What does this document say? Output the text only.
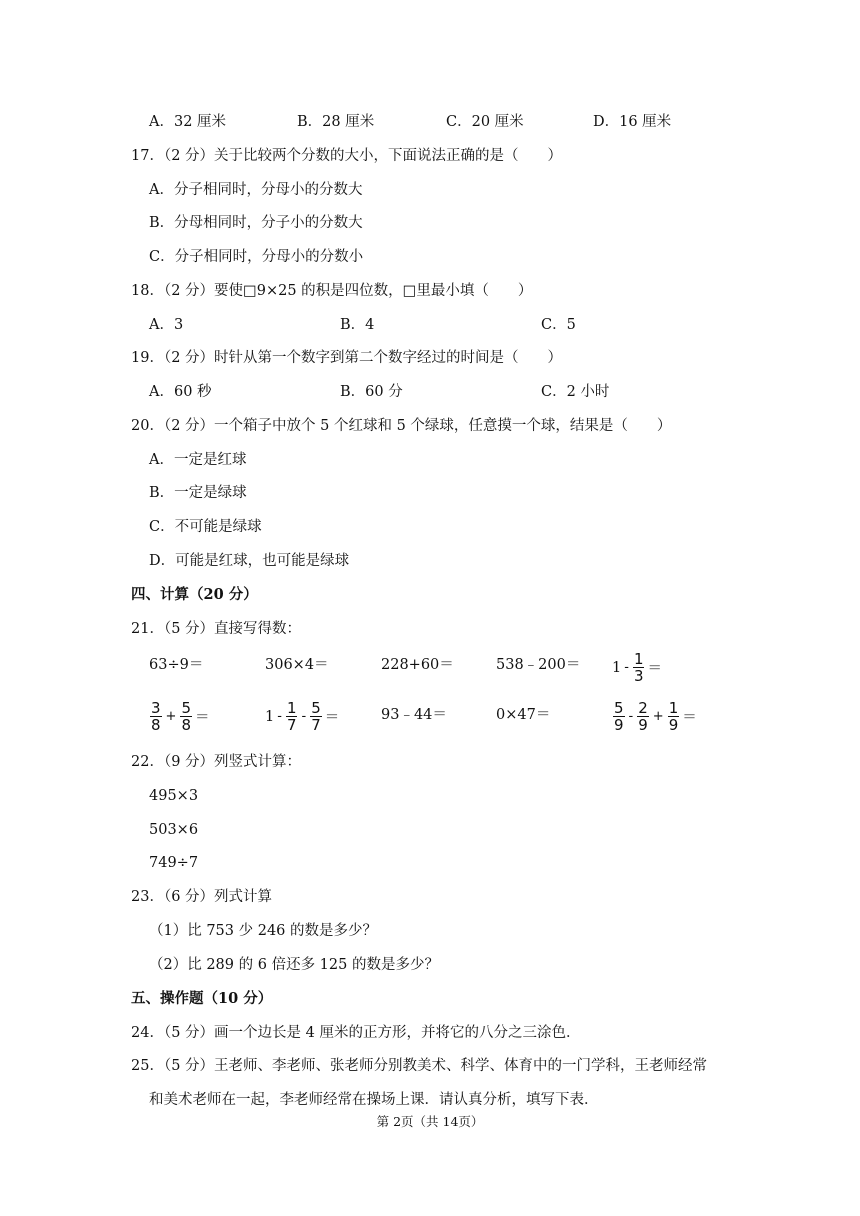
A．32 厘米	B．28 厘米	C．20 厘米	D．16 厘米
17．（2 分）关于比较两个分数的大小，下面说法正确的是（　　）
A．分子相同时，分母小的分数大
B．分母相同时，分子小的分数大
C．分子相同时，分母小的分数小
18．（2 分）要使□9×25 的积是四位数，□里最小填（　　）
A．3	B．4	C．5
19．（2 分）时针从第一个数字到第二个数字经过的时间是（　　）
A．60 秒	B．60 分	C．2 小时
20．（2 分）一个箱子中放个 5 个红球和 5 个绿球，任意摸一个球，结果是（　　）
A．一定是红球
B．一定是绿球
C．不可能是绿球
D．可能是红球，也可能是绿球
四、计算（20 分）
21．（5 分）直接写得数：
63÷9＝	306×4＝	228+60＝	538﹣200＝ $1 - \frac{1}{3}$ ＝
$\frac{3}{8} + \frac{5}{8}$ ＝	$1 - \frac{1}{7} - \frac{5}{7}$ ＝	93﹣44＝	0×47＝	$\frac{5}{9} - \frac{2}{9} + \frac{1}{9}$ ＝
22．（9 分）列竖式计算：
495×3
503×6
749÷7
23．（6 分）列式计算
（1）比 753 少 246 的数是多少？
（2）比 289 的 6 倍还多 125 的数是多少？
五、操作题（10 分）
24．（5 分）画一个边长是 4 厘米的正方形，并将它的八分之三涂色．
25．（5 分）王老师、李老师、张老师分别教美术、科学、体育中的一门学科，王老师经常
和美术老师在一起，李老师经常在操场上课．请认真分析，填写下表．
第 2页（共 14页）
